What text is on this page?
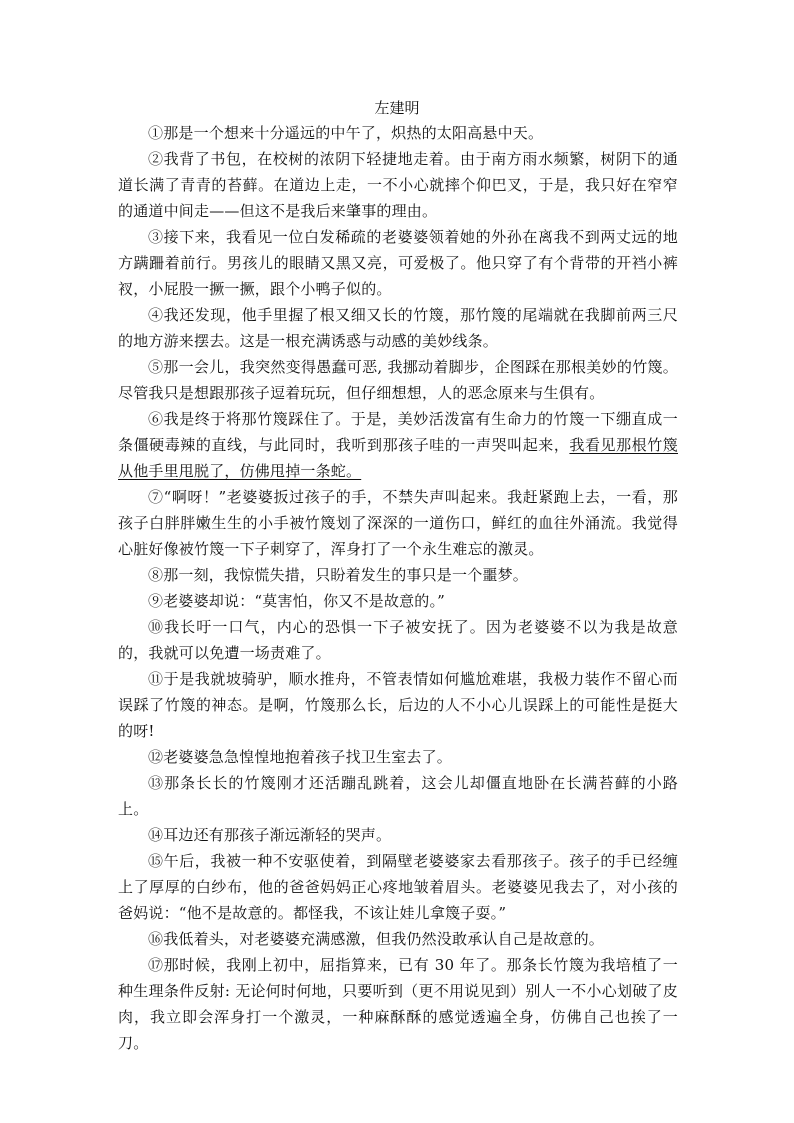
左建明

①那是一个想来十分遥远的中午了，炽热的太阳高悬中天。

②我背了书包，在校树的浓阴下轻捷地走着。由于南方雨水频繁，树阴下的通道长满了青青的苔藓。在道边上走，一不小心就摔个仰巴叉，于是，我只好在窄窄的通道中间走——但这不是我后来肇事的理由。

③接下来，我看见一位白发稀疏的老婆婆领着她的外孙在离我不到两丈远的地方蹒跚着前行。男孩儿的眼睛又黑又亮，可爱极了。他只穿了有个背带的开裆小裤衩，小屁股一撅一撅，跟个小鸭子似的。

④我还发现，他手里握了根又细又长的竹篾，那竹篾的尾端就在我脚前两三尺的地方游来摆去。这是一根充满诱惑与动感的美妙线条。

⑤那一会儿，我突然变得愚蠢可恶, 我挪动着脚步，企图踩在那根美妙的竹篾。尽管我只是想跟那孩子逗着玩玩，但仔细想想，人的恶念原来与生俱有。

⑥我是终于将那竹篾踩住了。于是，美妙活泼富有生命力的竹篾一下绷直成一条僵硬毒辣的直线，与此同时，我听到那孩子哇的一声哭叫起来，我看见那根竹篾从他手里甩脱了，仿佛甩掉一条蛇。

⑦“啊呀！”老婆婆扳过孩子的手，不禁失声叫起来。我赶紧跑上去，一看，那孩子白胖胖嫩生生的小手被竹篾划了深深的一道伤口，鲜红的血往外涌流。我觉得心脏好像被竹篾一下子刺穿了，浑身打了一个永生难忘的激灵。

⑧那一刻，我惊慌失措，只盼着发生的事只是一个噩梦。

⑨老婆婆却说：“莫害怕，你又不是故意的。”

⑩我长吁一口气，内心的恐惧一下子被安抚了。因为老婆婆不以为我是故意的，我就可以免遭一场责难了。

⑪于是我就坡骑驴，顺水推舟，不管表情如何尴尬难堪，我极力装作不留心而误踩了竹篾的神态。是啊，竹篾那么长，后边的人不小心儿误踩上的可能性是挺大的呀!

⑫老婆婆急急惶惶地抱着孩子找卫生室去了。

⑬那条长长的竹篾刚才还活蹦乱跳着，这会儿却僵直地卧在长满苔藓的小路上。

⑭耳边还有那孩子渐远渐轻的哭声。

⑮午后，我被一种不安驱使着，到隔壁老婆婆家去看那孩子。孩子的手已经缠上了厚厚的白纱布，他的爸爸妈妈正心疼地皱着眉头。老婆婆见我去了，对小孩的爸妈说：“他不是故意的。都怪我，不该让娃儿拿篾子耍。”

⑯我低着头，对老婆婆充满感激，但我仍然没敢承认自己是故意的。

⑰那时候，我刚上初中，屈指算来，已有 30 年了。那条长竹篾为我培植了一种生理条件反射: 无论何时何地，只要听到（更不用说见到）别人一不小心划破了皮肉，我立即会浑身打一个激灵，一种麻酥酥的感觉透遍全身，仿佛自己也挨了一刀。
